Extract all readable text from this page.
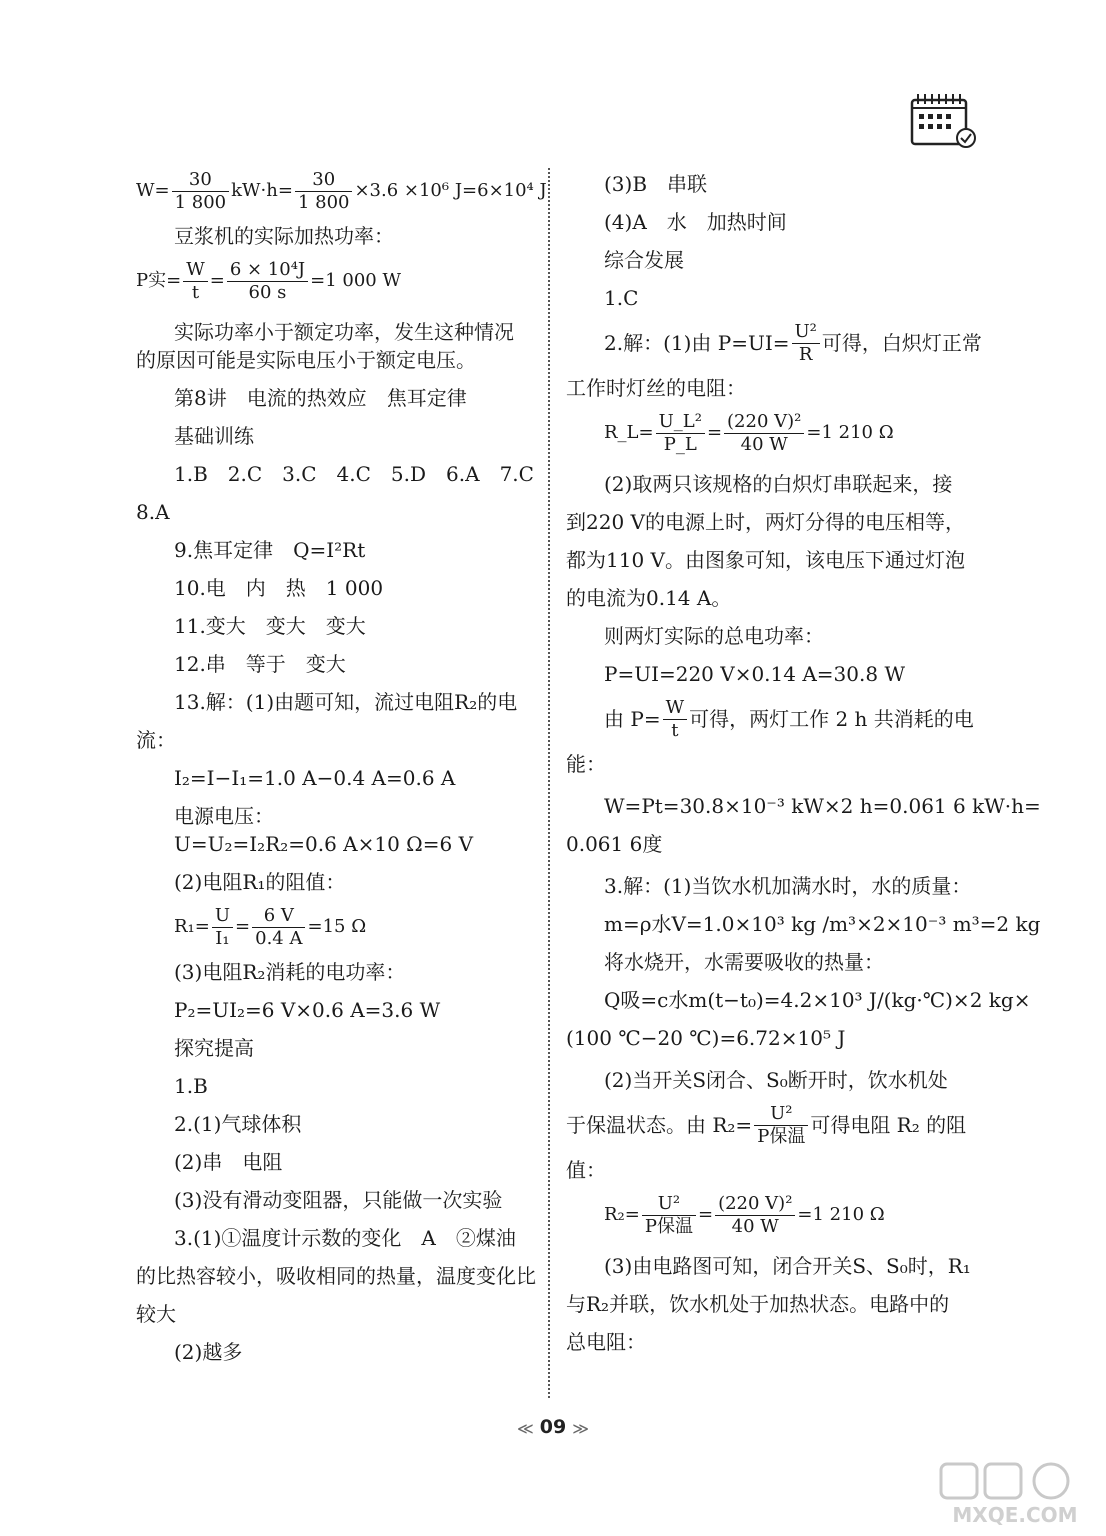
$W= \frac{30}{1 800} kW\cdot h= \frac{30}{1 800} \times 3.6 \times 10^6$ J=6×10⁴ J

豆浆机的实际加热功率：

P实= $\frac{W}{t} = \frac{\text{6 × 10⁴J}}{60 s} =1$ 000 W

实际功率小于额定功率，发生这种情况

的原因可能是实际电压小于额定电压。

第8讲　电流的热效应　焦耳定律

基础训练

1.B　2.C　3.C　4.C　5.D　6.A　7.C

8.A

9.焦耳定律　Q=I²Rt

10.电　内　热　1 000

11.变大　变大　变大

12.串　等于　变大

13.解：(1)由题可知，流过电阻R₂的电

流：

I₂=I−I₁=1.0 A−0.4 A=0.6 A

电源电压：

U=U₂=I₂R₂=0.6 A×10 Ω=6 V

(2)电阻R₁的阻值：

$R_1= \frac{U}{\text{I₁}} = \frac{6 V}{0.4 A} =15$ Ω

(3)电阻R₂消耗的电功率：

P₂=UI₂=6 V×0.6 A=3.6 W

探究提高

1.B

2.(1)气球体积

(2)串　电阻

(3)没有滑动变阻器，只能做一次实验

3.(1)①温度计示数的变化　A　②煤油

的比热容较小，吸收相同的热量，温度变化比

较大

(2)越多

(3)B　串联

(4)A　水　加热时间

综合发展

1.C

2.解：(1)由 $P=UI= \frac{\text{U²}}{R}$ 可得，白炽灯正常

工作时灯丝的电阻：

R_L= $\frac{\text{U\_L²}}{P\_L} = \frac{\text{(220 V)²}}{40 W} =1$ 210 Ω

(2)取两只该规格的白炽灯串联起来，接

到220 V的电源上时，两灯分得的电压相等，

都为110 V。由图象可知，该电压下通过灯泡

的电流为0.14 A。

则两灯实际的总电功率：

P=UI=220 V×0.14 A=30.8 W

由 $P= \frac{W}{t}$ 可得，两灯工作 2 h 共消耗的电

能：

W=Pt=30.8×10⁻³ kW×2 h=0.061 6 kW·h=

0.061 6度

3.解：(1)当饮水机加满水时，水的质量：

m=ρ水V=1.0×10³ kg /m³×2×10⁻³ m³=2 kg

将水烧开，水需要吸收的热量：

Q吸=c水m(t−t₀)=4.2×10³ J/(kg·℃)×2 kg×

(100 ℃−20 ℃)=6.72×10⁵ J

(2)当开关S闭合、S₀断开时，饮水机处

于保温状态。由 $R_2= \frac{\text{U²}}{\text{P保温}}$ 可得电阻 R₂ 的阻

值：

$R_2= \frac{\text{U²}}{\text{P保温}} = \frac{\text{(220 V)²}}{40 W} =1$ 210 Ω

(3)由电路图可知，闭合开关S、S₀时，R₁

与R₂并联，饮水机处于加热状态。电路中的

总电阻：

≪ 09 ≫
MXQE.COM
